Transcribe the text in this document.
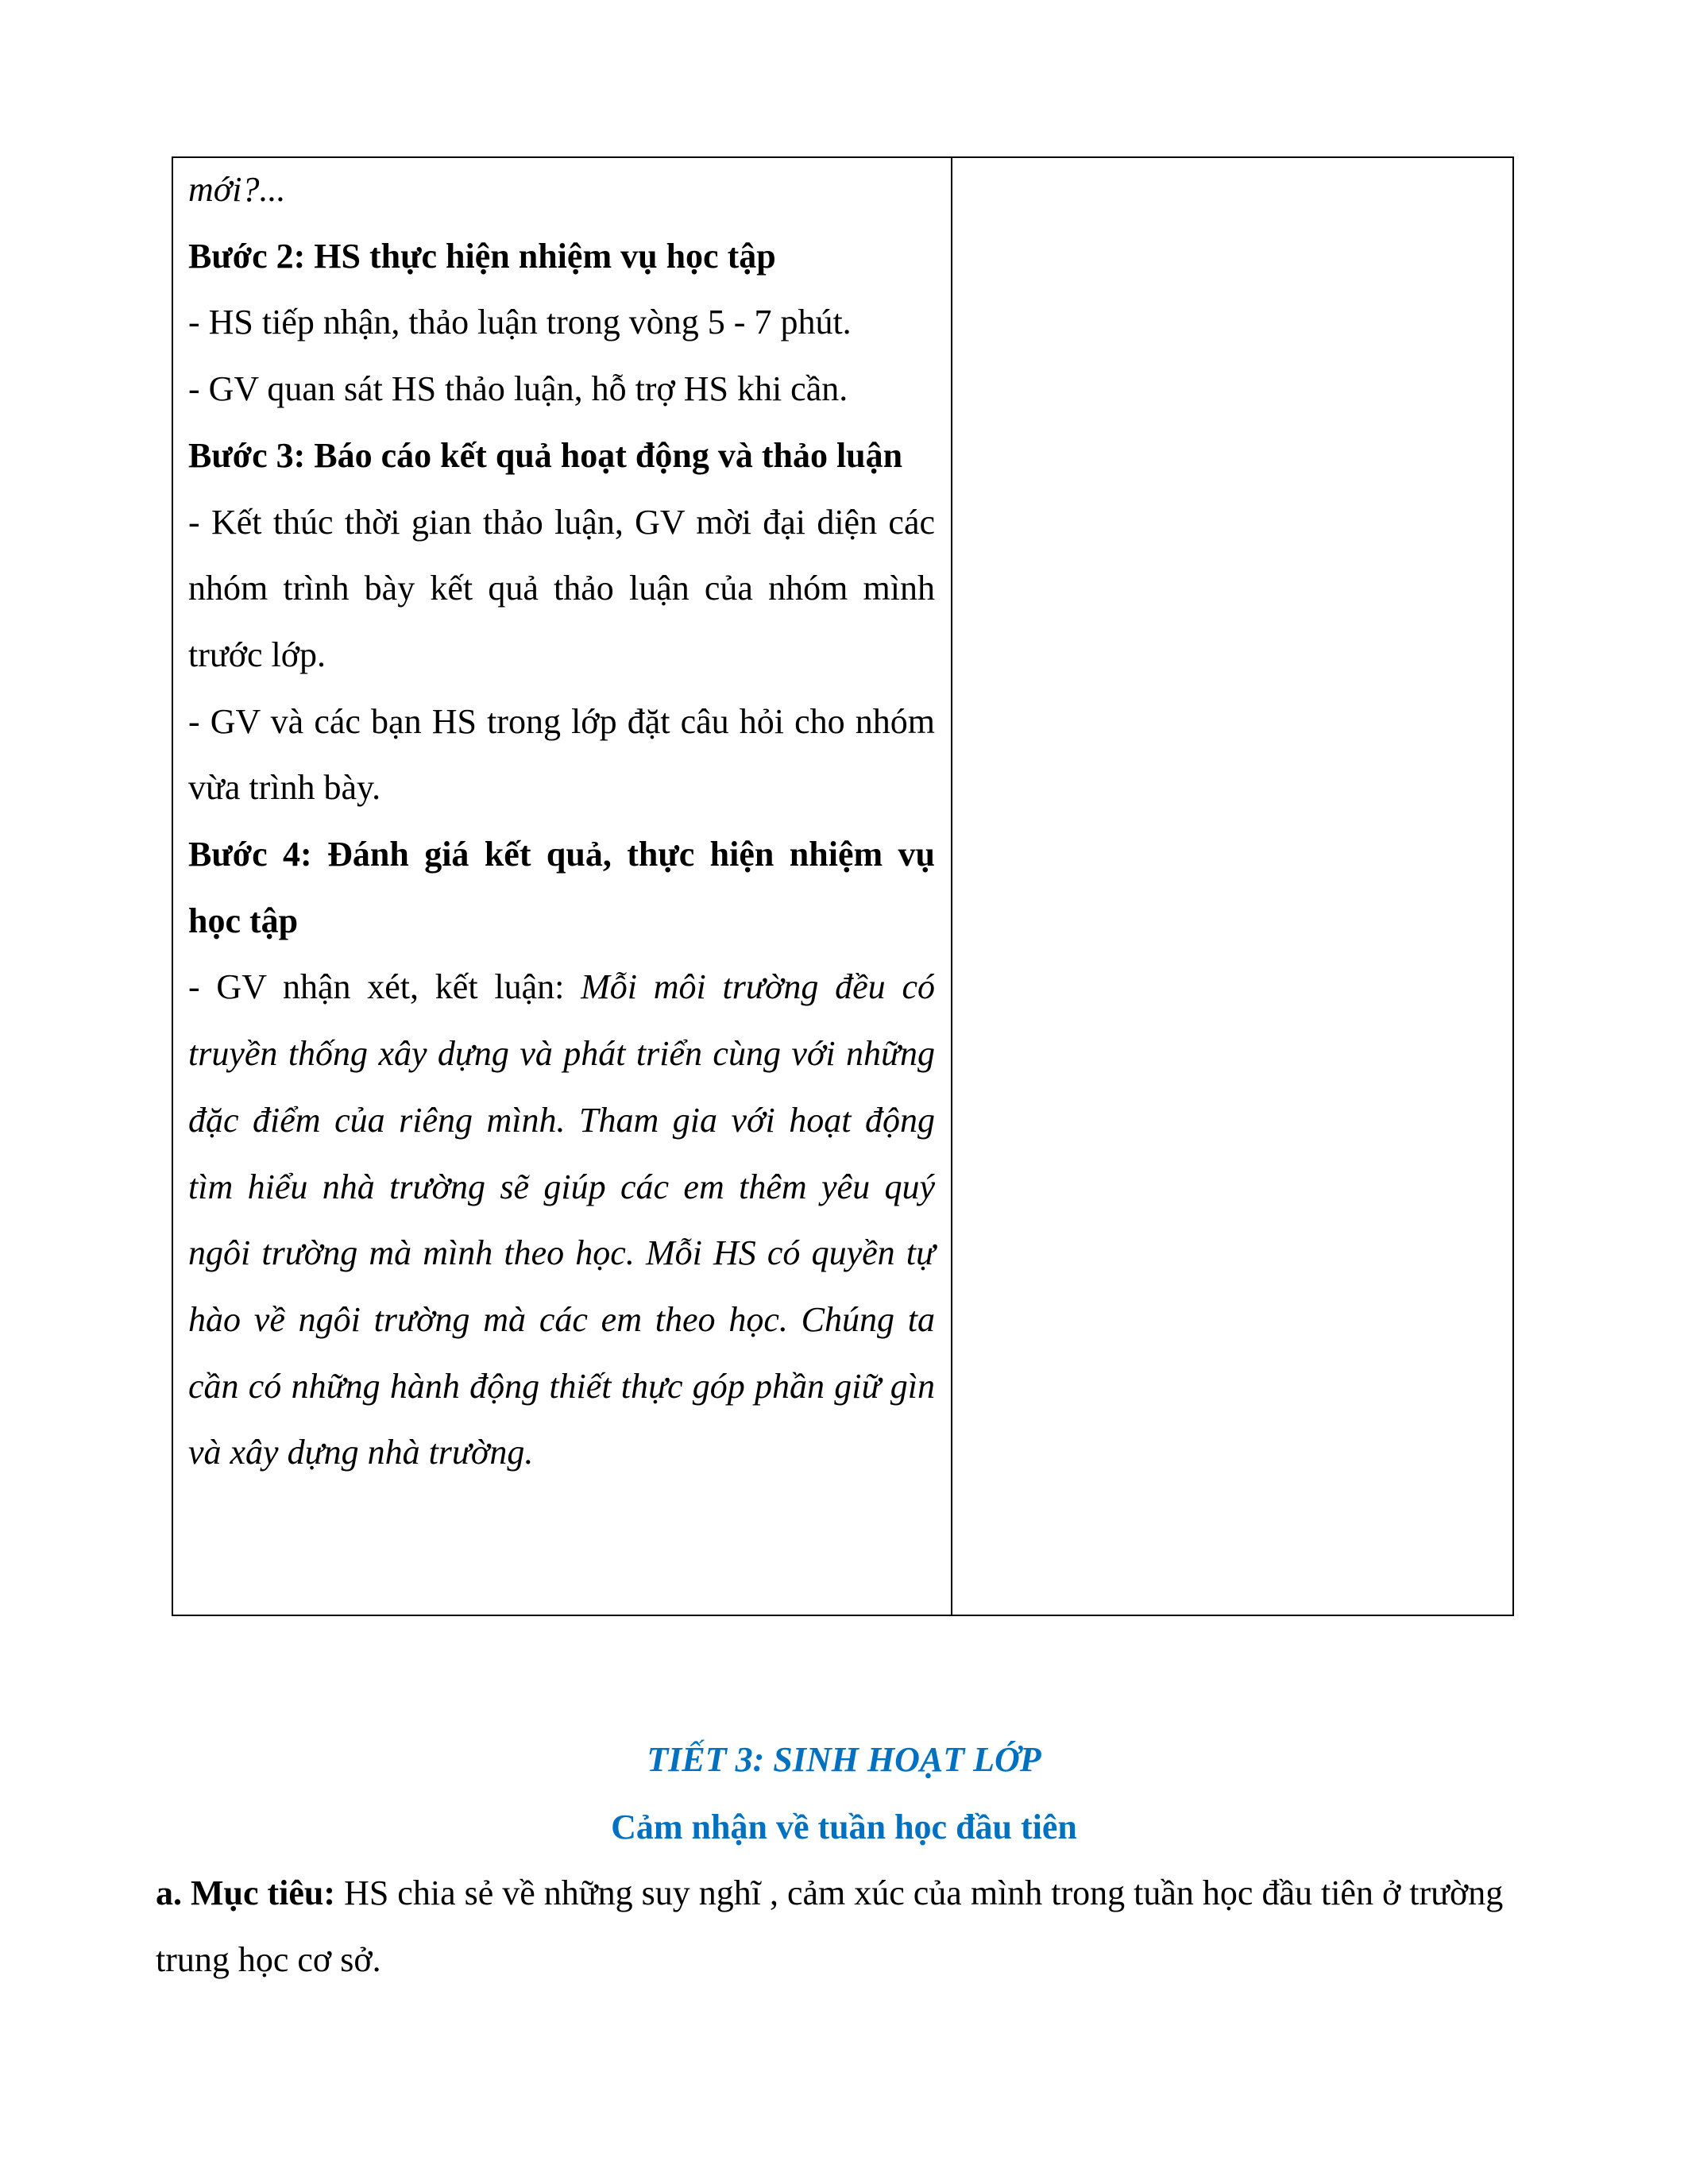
mới?...

Bước 2: HS thực hiện nhiệm vụ học tập

- HS tiếp nhận, thảo luận trong vòng 5 - 7 phút.

- GV quan sát HS thảo luận, hỗ trợ HS khi cần.

Bước 3: Báo cáo kết quả hoạt động và thảo luận

- Kết thúc thời gian thảo luận, GV mời đại diện các nhóm trình bày kết quả thảo luận của nhóm mình trước lớp.

- GV và các bạn HS trong lớp đặt câu hỏi cho nhóm vừa trình bày.

Bước 4: Đánh giá kết quả, thực hiện nhiệm vụ học tập

- GV nhận xét, kết luận: Mỗi môi trường đều có truyền thống xây dựng và phát triển cùng với những đặc điểm của riêng mình. Tham gia với hoạt động tìm hiểu nhà trường sẽ giúp các em thêm yêu quý ngôi trường mà mình theo học. Mỗi HS có quyền tự hào về ngôi trường mà các em theo học. Chúng ta cần có những hành động thiết thực góp phần giữ gìn và xây dựng nhà trường.

TIẾT 3: SINH HOẠT LỚP

Cảm nhận về tuần học đầu tiên

a. Mục tiêu: HS chia sẻ về những suy nghĩ , cảm xúc của mình trong tuần học đầu tiên ở trường trung học cơ sở.
